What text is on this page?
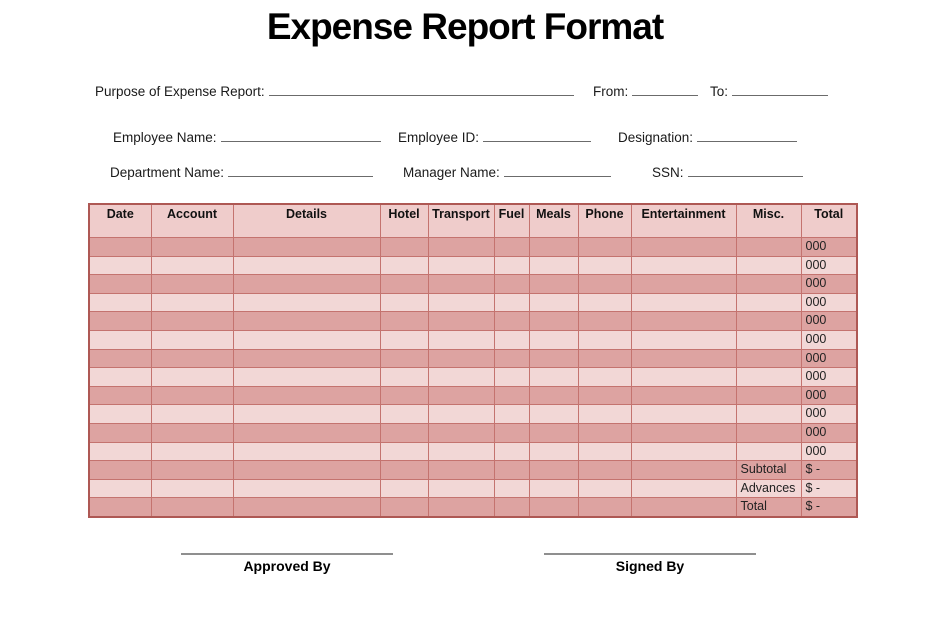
Expense Report Format
Purpose of Expense Report:	From:	To:
Employee Name:	Employee ID:	Designation:
Department Name:	Manager Name:	SSN:
Date	Account	Details	Hotel	Transport	Fuel	Meals	Phone	Entertainment	Misc.	Total
										000
										000
										000
										000
										000
										000
										000
										000
										000
										000
										000
										000
									Subtotal	$ -
									Advances	$ -
									Total	$ -
Approved By	Signed By
